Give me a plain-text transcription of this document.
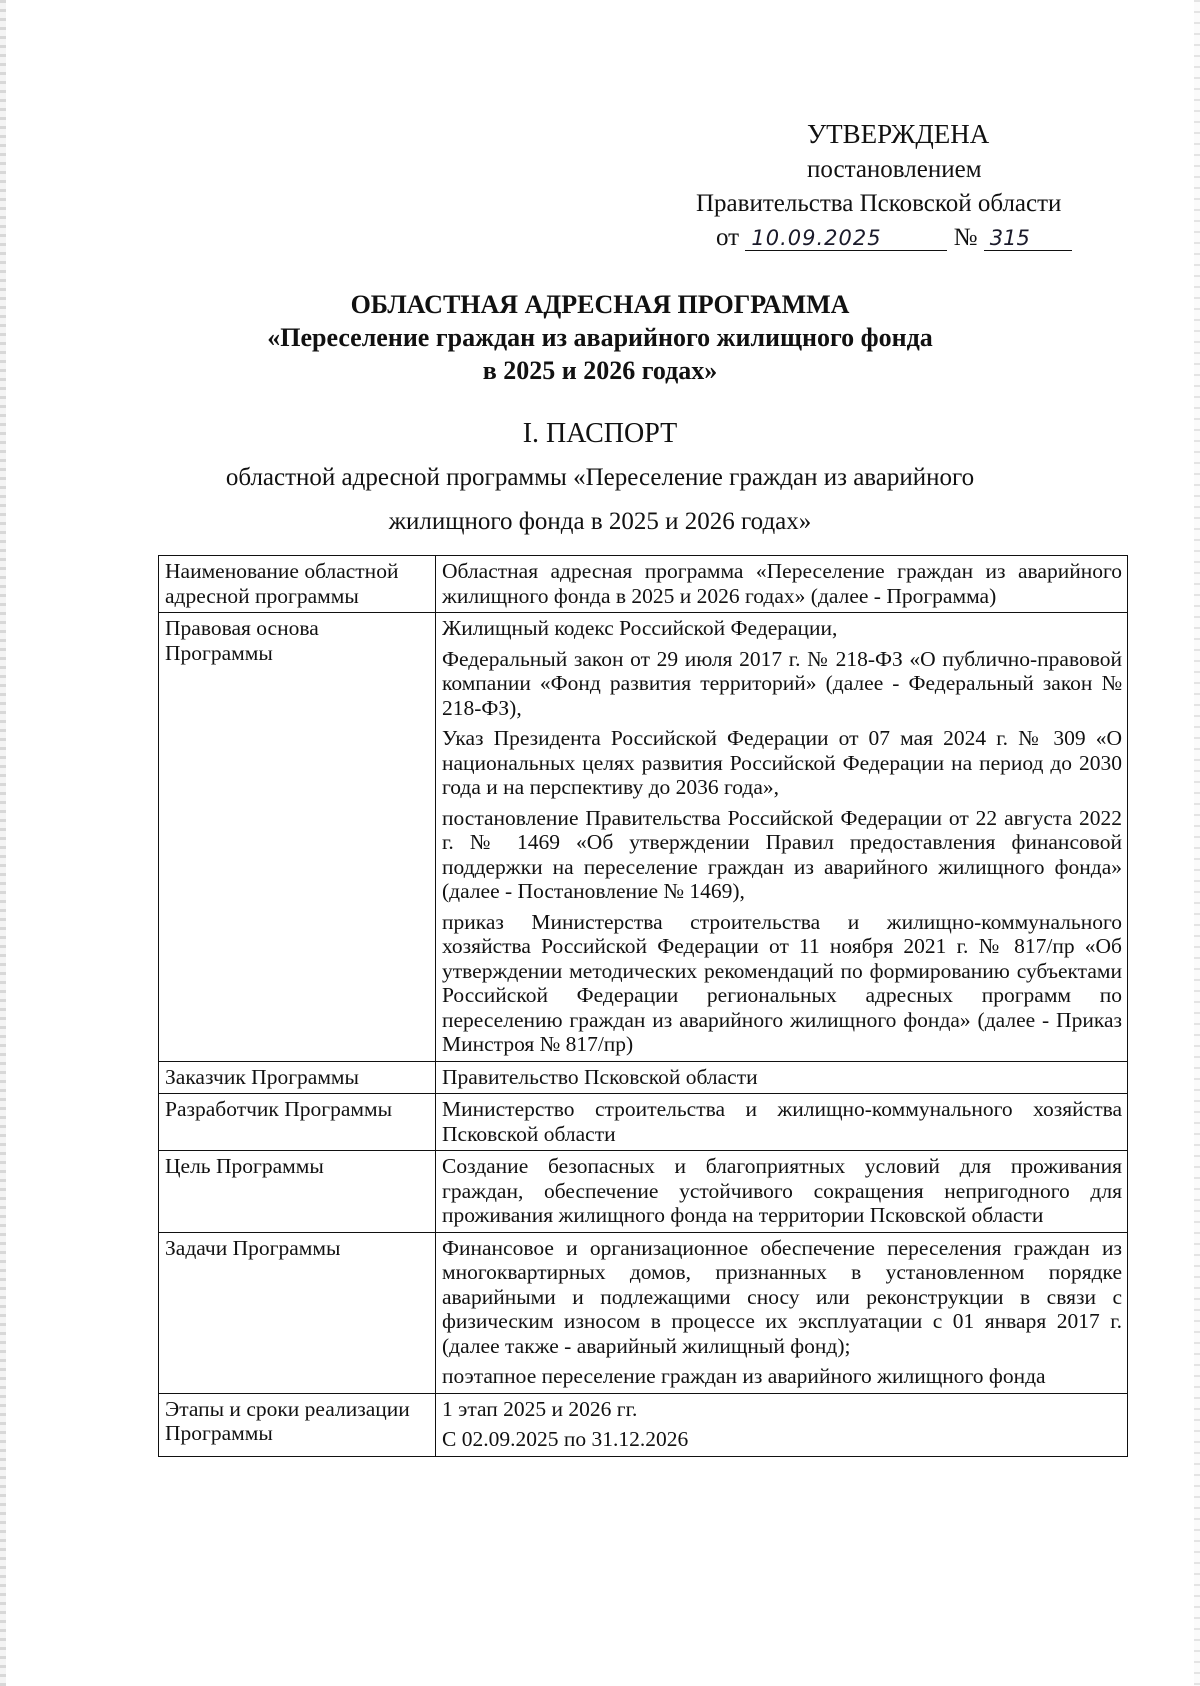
УТВЕРЖДЕНА
постановлением
Правительства Псковской области
от 10.09.2025	№ 315
ОБЛАСТНАЯ АДРЕСНАЯ ПРОГРАММА
«Переселение граждан из аварийного жилищного фонда
в 2025 и 2026 годах»
I. ПАСПОРТ
областной адресной программы «Переселение граждан из аварийного
жилищного фонда в 2025 и 2026 годах»
Наименование областной адресной программы	Областная адресная программа «Переселение граждан из аварийного жилищного фонда в 2025 и 2026 годах» (далее - Программа)

Правовая основа Программы	Жилищный кодекс Российской Федерации,

Федеральный закон от 29 июля 2017 г. № 218-ФЗ «О публично-правовой компании «Фонд развития территорий» (далее - Федеральный закон № 218-ФЗ),

Указ Президента Российской Федерации от 07 мая 2024 г. № 309 «О национальных целях развития Российской Федерации на период до 2030 года и на перспективу до 2036 года»,

постановление Правительства Российской Федерации от 22 августа 2022 г. № 1469 «Об утверждении Правил предоставления финансовой поддержки на переселение граждан из аварийного жилищного фонда» (далее - Постановление № 1469),

приказ Министерства строительства и жилищно-коммунального хозяйства Российской Федерации от 11 ноября 2021 г. № 817/пр «Об утверждении методических рекомендаций по формированию субъектами Российской Федерации региональных адресных программ по переселению граждан из аварийного жилищного фонда» (далее - Приказ Минстроя № 817/пр)

Заказчик Программы	Правительство Псковской области

Разработчик Программы	Министерство строительства и жилищно-коммунального хозяйства Псковской области

Цель Программы	Создание безопасных и благоприятных условий для проживания граждан, обеспечение устойчивого сокращения непригодного для проживания жилищного фонда на территории Псковской области

Задачи Программы	Финансовое и организационное обеспечение переселения граждан из многоквартирных домов, признанных в установленном порядке аварийными и подлежащими сносу или реконструкции в связи с физическим износом в процессе их эксплуатации с 01 января 2017 г. (далее также - аварийный жилищный фонд);

поэтапное переселение граждан из аварийного жилищного фонда

Этапы и сроки реализации Программы	1 этап 2025 и 2026 гг.

С 02.09.2025 по 31.12.2026
